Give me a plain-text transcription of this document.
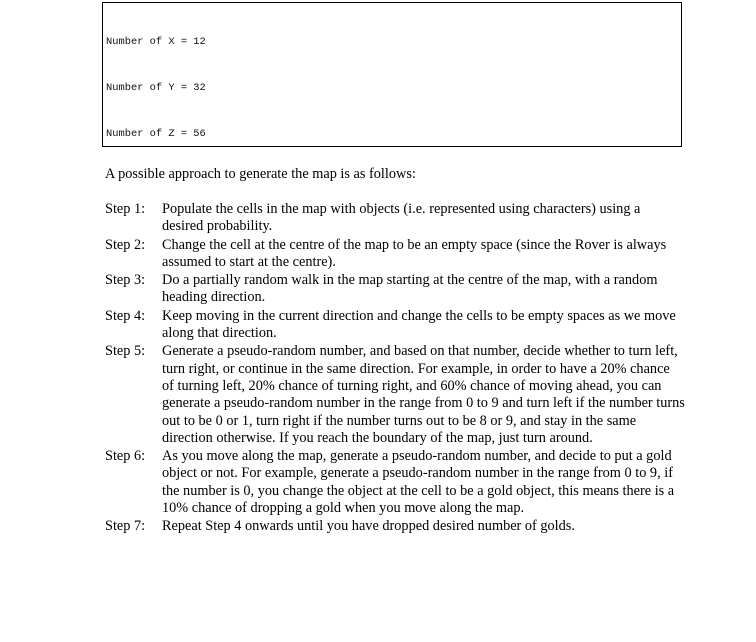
Number of X = 12

Number of Y = 32

Number of Z = 56

A possible approach to generate the map is as follows:
Step 1:	Populate the cells in the map with objects (i.e. represented using characters) using a desired probability.
Step 2:	Change the cell at the centre of the map to be an empty space (since the Rover is always assumed to start at the centre).
Step 3:	Do a partially random walk in the map starting at the centre of the map, with a random heading direction.
Step 4:	Keep moving in the current direction and change the cells to be empty spaces as we move along that direction.
Step 5:	Generate a pseudo-random number, and based on that number, decide whether to turn left, turn right, or continue in the same direction. For example, in order to have a 20% chance of turning left, 20% chance of turning right, and 60% chance of moving ahead, you can generate a pseudo-random number in the range from 0 to 9 and turn left if the number turns out to be 0 or 1, turn right if the number turns out to be 8 or 9, and stay in the same direction otherwise. If you reach the boundary of the map, just turn around.
Step 6:	As you move along the map, generate a pseudo-random number, and decide to put a gold object or not. For example, generate a pseudo-random number in the range from 0 to 9, if the number is 0, you change the object at the cell to be a gold object, this means there is a 10% chance of dropping a gold when you move along the map.
Step 7:	Repeat Step 4 onwards until you have dropped desired number of golds.
